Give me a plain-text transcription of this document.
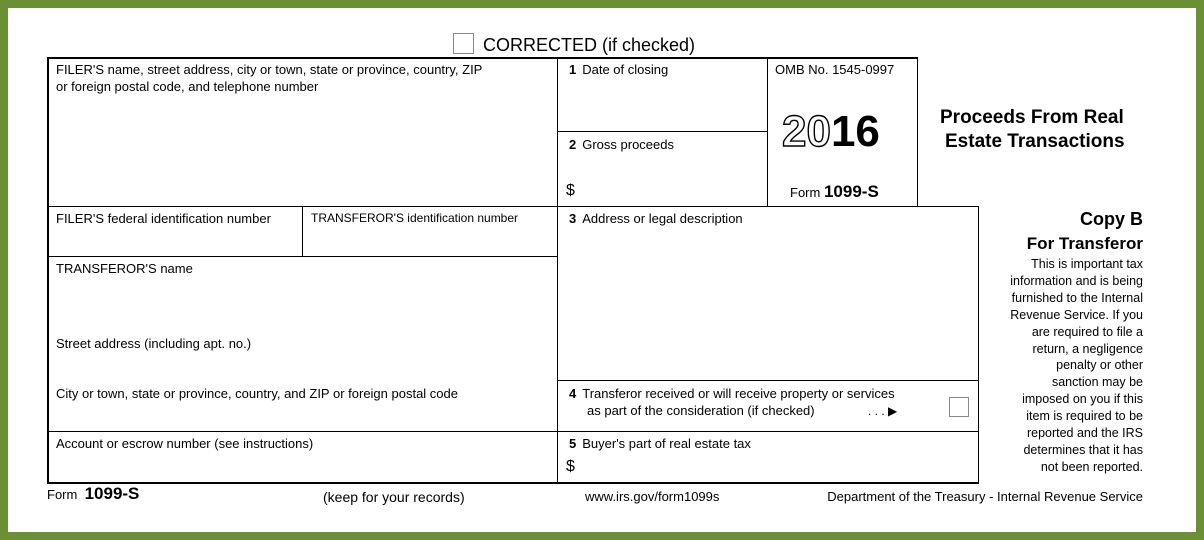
CORRECTED (if checked)
FILER'S name, street address, city or town, state or province, country, ZIP
or foreign postal code, and telephone number
1 Date of closing	OMB No. 1545-0997
2016
Form 1099-S
2 Gross proceeds
$
Proceeds From Real
Estate Transactions
FILER'S federal identification number	TRANSFEROR'S identification number	3 Address or legal description
TRANSFEROR'S name
Street address (including apt. no.)
City or town, state or province, country, and ZIP or foreign postal code	4 Transferor received or will receive property or services
as part of the consideration (if checked)	. . . ▶
Account or escrow number (see instructions)	5 Buyer's part of real estate tax
$
Copy B
For Transferor
This is important tax
information and is being
furnished to the Internal
Revenue Service. If you
are required to file a
return, a negligence
penalty or other
sanction may be
imposed on you if this
item is required to be
reported and the IRS
determines that it has
not been reported.
Form 1099-S	(keep for your records)	www.irs.gov/form1099s	Department of the Treasury - Internal Revenue Service
